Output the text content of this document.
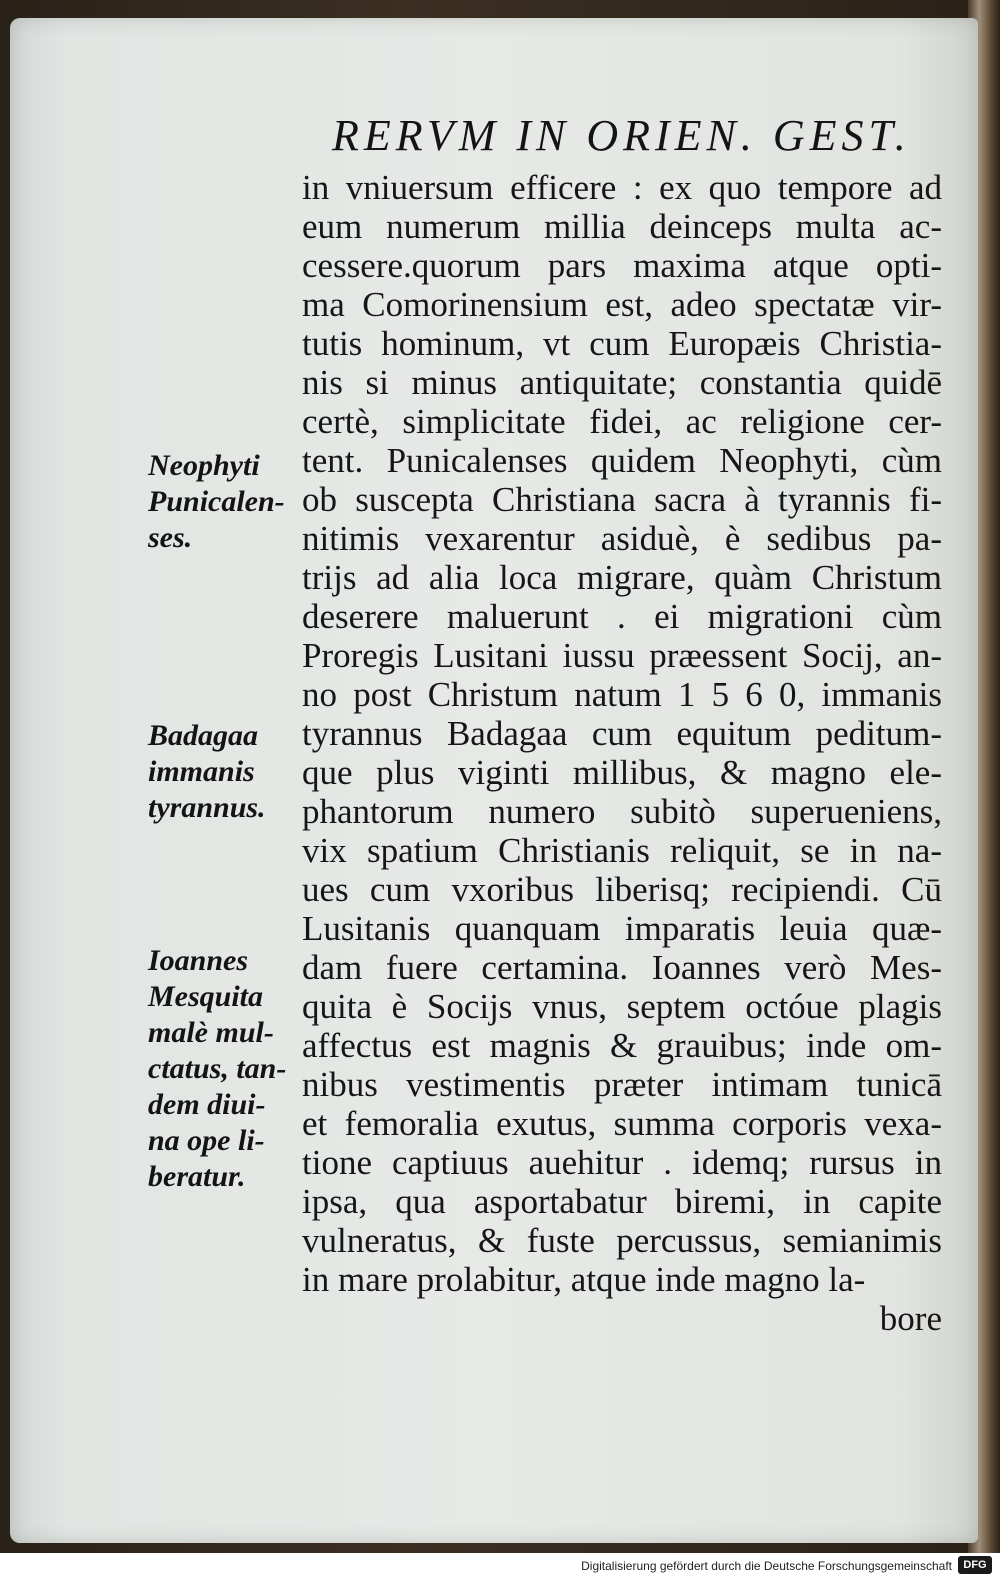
RERVM IN ORIEN. GEST.
in vniuersum efficere : ex quo tempore ad
eum numerum millia deinceps multa ac-
cessere.quorum pars maxima atque opti-
ma Comorinensium est, adeo spectatæ vir-
tutis hominum, vt cum Europæis Christia-
nis si minus antiquitate; constantia quidē
certè, simplicitate fidei, ac religione cer-
tent. Punicalenses quidem Neophyti, cùm
ob suscepta Christiana sacra à tyrannis fi-
nitimis vexarentur asiduè, è sedibus pa-
trijs ad alia loca migrare, quàm Christum
deserere maluerunt . ei migrationi cùm
Proregis Lusitani iussu præessent Socij, an-
no post Christum natum 1 5 6 0, immanis
tyrannus Badagaa cum equitum peditum-
que plus viginti millibus, & magno ele-
phantorum numero subitò superueniens,
vix spatium Christianis reliquit, se in na-
ues cum vxoribus liberisq; recipiendi. Cū
Lusitanis quanquam imparatis leuia quæ-
dam fuere certamina. Ioannes verò Mes-
quita è Socijs vnus, septem octóue plagis
affectus est magnis & grauibus; inde om-
nibus vestimentis præter intimam tunicā
et femoralia exutus, summa corporis vexa-
tione captiuus auehitur . idemq; rursus in
ipsa, qua asportabatur biremi, in capite
vulneratus, & fuste percussus, semianimis
in mare prolabitur, atque inde magno la-
bore
Neophyti
Punicalen-
ses.
Badagaa
immanis
tyrannus.
Ioannes
Mesquita
malè mul-
ctatus, tan-
dem diui-
na ope li-
beratur.
Digitalisierung gefördert durch die Deutsche Forschungsgemeinschaft	DFG
